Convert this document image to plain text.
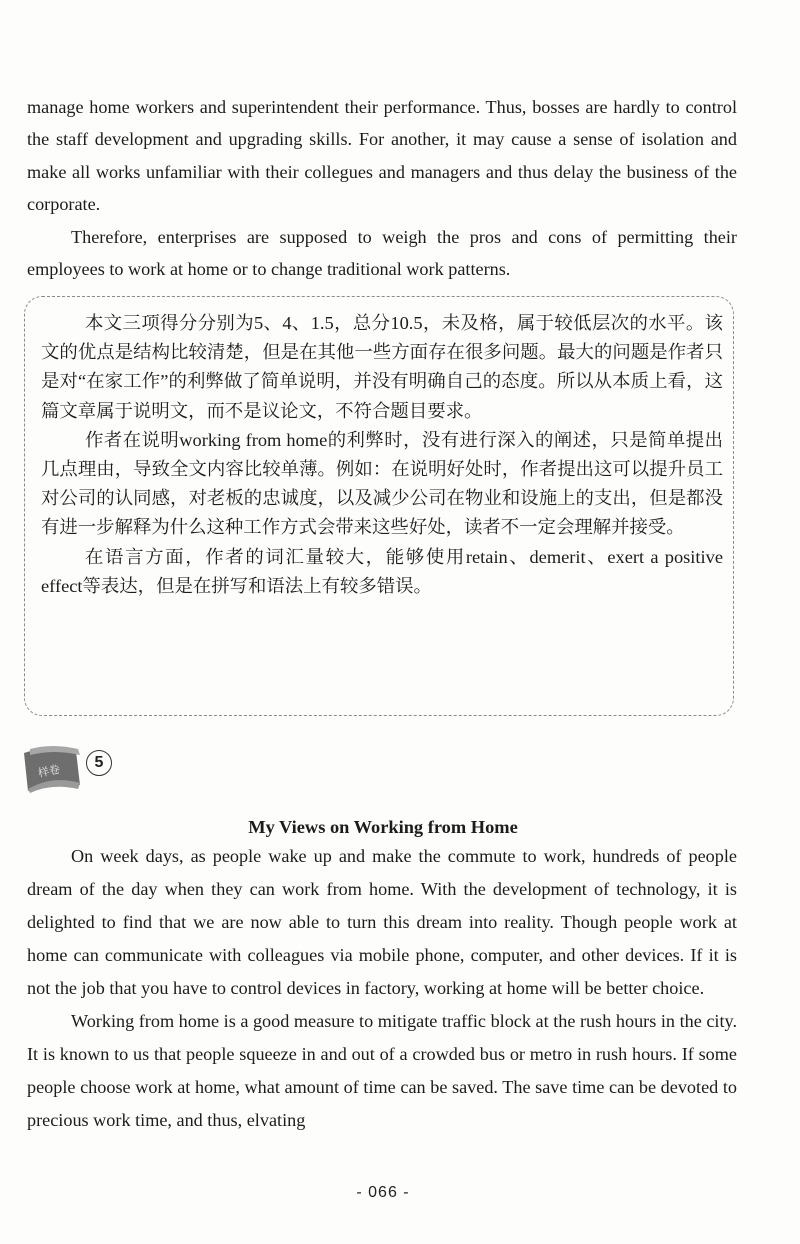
manage home workers and superintendent their performance. Thus, bosses are hardly to control the staff development and upgrading skills. For another, it may cause a sense of isolation and make all works unfamiliar with their collegues and managers and thus delay the business of the corporate.

Therefore, enterprises are supposed to weigh the pros and cons of permitting their employees to work at home or to change traditional work patterns.

本文三项得分分别为5、4、1.5，总分10.5，未及格，属于较低层次的水平。该文的优点是结构比较清楚，但是在其他一些方面存在很多问题。最大的问题是作者只是对“在家工作”的利弊做了简单说明，并没有明确自己的态度。所以从本质上看，这篇文章属于说明文，而不是议论文，不符合题目要求。

作者在说明working from home的利弊时，没有进行深入的阐述，只是简单提出几点理由，导致全文内容比较单薄。例如：在说明好处时，作者提出这可以提升员工对公司的认同感，对老板的忠诚度，以及减少公司在物业和设施上的支出，但是都没有进一步解释为什么这种工作方式会带来这些好处，读者不一定会理解并接受。

在语言方面，作者的词汇量较大，能够使用retain、demerit、exert a positive effect等表达，但是在拼写和语法上有较多错误。

样卷
5
My Views on Working from Home

On week days, as people wake up and make the commute to work, hundreds of people dream of the day when they can work from home. With the development of technology, it is delighted to find that we are now able to turn this dream into reality. Though people work at home can communicate with colleagues via mobile phone, computer, and other devices. If it is not the job that you have to control devices in factory, working at home will be better choice.

Working from home is a good measure to mitigate traffic block at the rush hours in the city. It is known to us that people squeeze in and out of a crowded bus or metro in rush hours. If some people choose work at home, what amount of time can be saved. The save time can be devoted to precious work time, and thus, elvating

- 066 -
